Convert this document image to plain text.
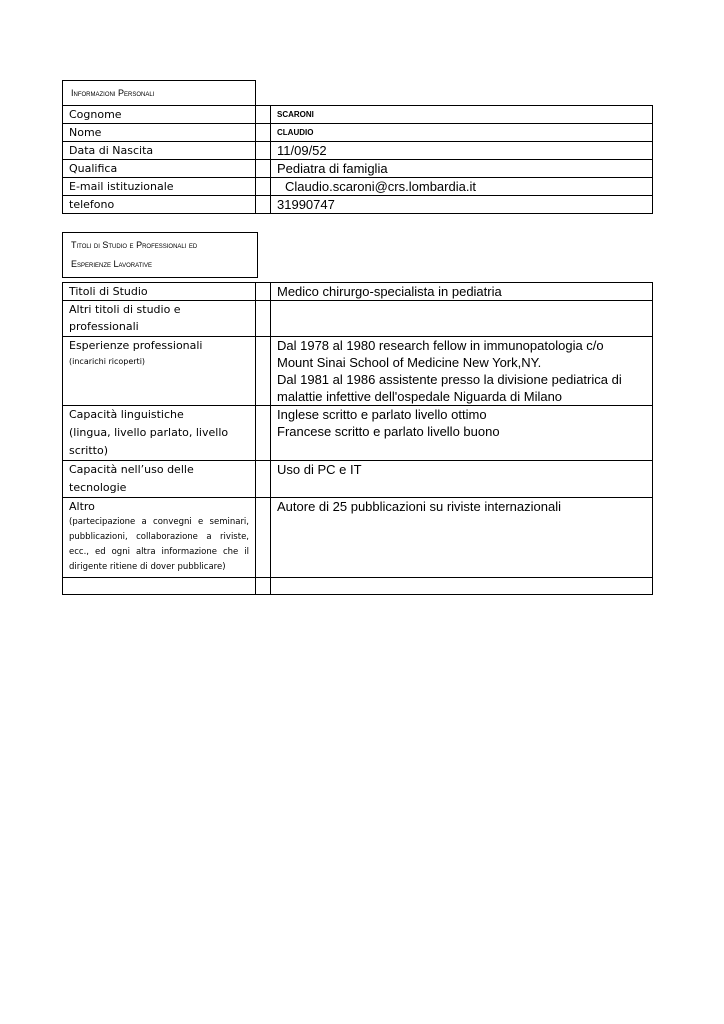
Informazioni Personali
Cognome		SCARONI
Nome		CLAUDIO
Data di Nascita		11/09/52
Qualifica		Pediatra di famiglia
E-mail istituzionale		Claudio.scaroni@crs.lombardia.it
telefono		31990747
Titoli di Studio e Professionali ed
Esperienze Lavorative
Titoli di Studio		Medico chirurgo-specialista in pediatria

Altri titoli di studio e
professionali		

Esperienze professionali
(incarichi ricoperti)		Dal 1978 al 1980 research fellow in immunopatologia c/o
Mount Sinai School of Medicine New York,NY.
Dal 1981 al 1986 assistente presso la divisione pediatrica di
malattie infettive dell'ospedale Niguarda di Milano

Capacità linguistiche
(lingua, livello parlato, livello
scritto)		Inglese scritto e parlato livello ottimo
Francese scritto e parlato livello buono

Capacità nell’uso delle
tecnologie		Uso di PC e IT

Altro
(partecipazione a convegni e seminari, pubblicazioni, collaborazione a riviste, ecc., ed ogni altra informazione che il dirigente ritiene di dover pubblicare)		Autore di 25 pubblicazioni su riviste internazionali
